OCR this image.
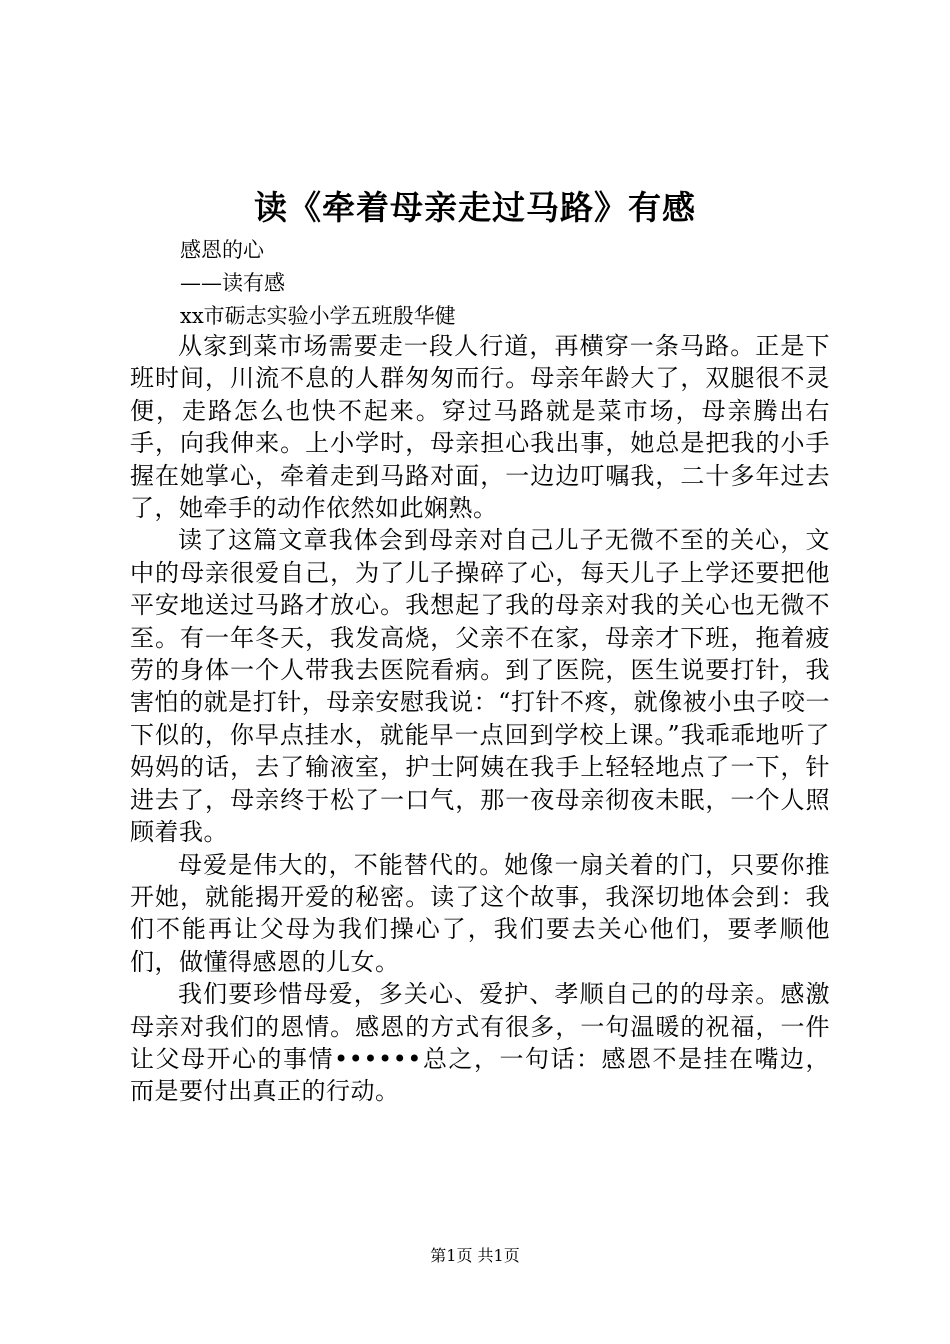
读《牵着母亲走过马路》有感
感恩的心
——读有感
xx市砺志实验小学五班殷华健

从家到菜市场需要走一段人行道，再横穿一条马路。正是下班时间，川流不息的人群匆匆而行。母亲年龄大了，双腿很不灵便，走路怎么也快不起来。穿过马路就是菜市场，母亲腾出右手，向我伸来。上小学时，母亲担心我出事，她总是把我的小手握在她掌心，牵着走到马路对面，一边边叮嘱我，二十多年过去了，她牵手的动作依然如此娴熟。

读了这篇文章我体会到母亲对自己儿子无微不至的关心，文中的母亲很爱自己，为了儿子操碎了心，每天儿子上学还要把他平安地送过马路才放心。我想起了我的母亲对我的关心也无微不至。有一年冬天，我发高烧，父亲不在家，母亲才下班，拖着疲劳的身体一个人带我去医院看病。到了医院，医生说要打针，我害怕的就是打针，母亲安慰我说：“打针不疼，就像被小虫子咬一下似的，你早点挂水，就能早一点回到学校上课。”我乖乖地听了妈妈的话，去了输液室，护士阿姨在我手上轻轻地点了一下，针进去了，母亲终于松了一口气，那一夜母亲彻夜未眠，一个人照顾着我。

母爱是伟大的，不能替代的。她像一扇关着的门，只要你推开她，就能揭开爱的秘密。读了这个故事，我深切地体会到：我们不能再让父母为我们操心了，我们要去关心他们，要孝顺他们，做懂得感恩的儿女。

我们要珍惜母爱，多关心、爱护、孝顺自己的的母亲。感激母亲对我们的恩情。感恩的方式有很多，一句温暖的祝福，一件让父母开心的事情••••••总之，一句话：感恩不是挂在嘴边，而是要付出真正的行动。

第1页 共1页
